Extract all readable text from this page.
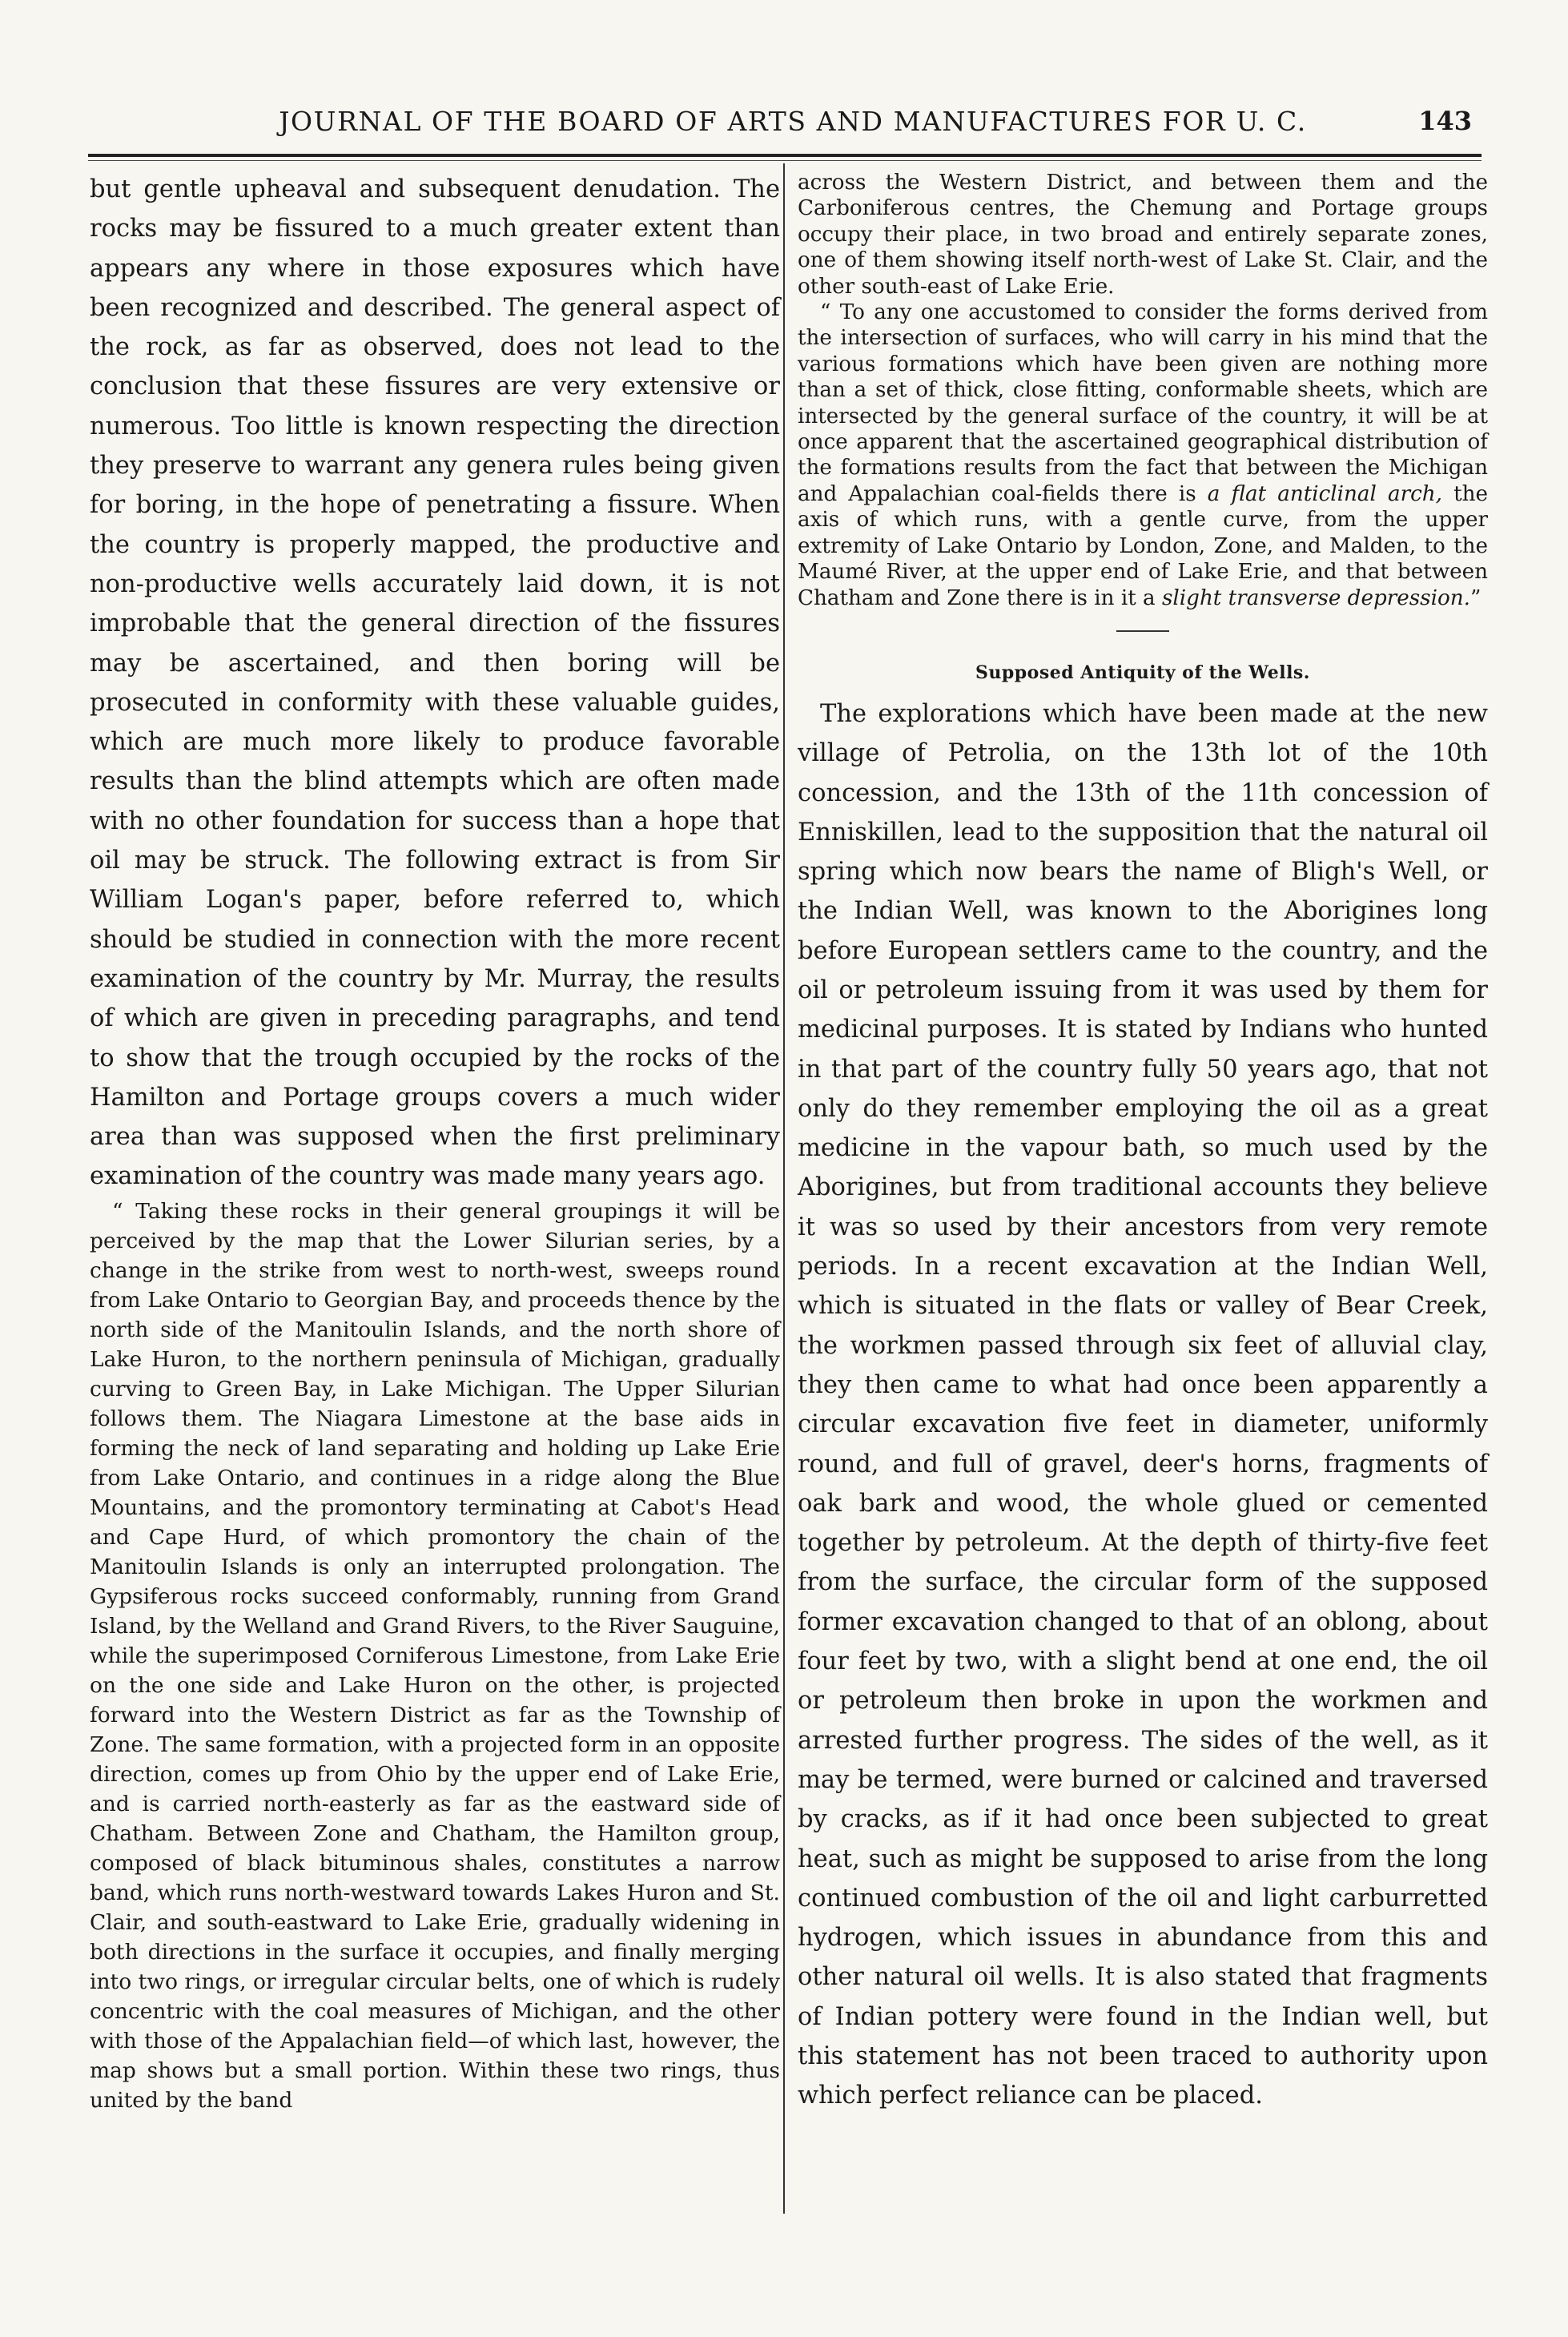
JOURNAL OF THE BOARD OF ARTS AND MANUFACTURES FOR U. C.	143

but gentle upheaval and subsequent denudation. The rocks may be fissured to a much greater extent than appears any where in those exposures which have been recognized and described. The general aspect of the rock, as far as observed, does not lead to the conclusion that these fissures are very extensive or numerous. Too little is known respecting the direction they preserve to warrant any genera rules being given for boring, in the hope of penetrating a fissure. When the country is properly mapped, the productive and non-productive wells accurately laid down, it is not improbable that the general direction of the fissures may be ascertained, and then boring will be prosecuted in conformity with these valuable guides, which are much more likely to produce favorable results than the blind attempts which are often made with no other foundation for success than a hope that oil may be struck. The following extract is from Sir William Logan's paper, before referred to, which should be studied in connection with the more recent examination of the country by Mr. Murray, the results of which are given in preceding paragraphs, and tend to show that the trough occupied by the rocks of the Hamilton and Portage groups covers a much wider area than was supposed when the first preliminary examination of the country was made many years ago.

“ Taking these rocks in their general groupings it will be perceived by the map that the Lower Silurian series, by a change in the strike from west to north-west, sweeps round from Lake Ontario to Georgian Bay, and proceeds thence by the north side of the Manitoulin Islands, and the north shore of Lake Huron, to the northern peninsula of Michigan, gradually curving to Green Bay, in Lake Michigan. The Upper Silurian follows them. The Niagara Limestone at the base aids in forming the neck of land separating and holding up Lake Erie from Lake Ontario, and continues in a ridge along the Blue Mountains, and the promontory terminating at Cabot's Head and Cape Hurd, of which promontory the chain of the Manitoulin Islands is only an interrupted prolongation. The Gypsiferous rocks succeed conformably, running from Grand Island, by the Welland and Grand Rivers, to the River Sauguine, while the superimposed Corniferous Limestone, from Lake Erie on the one side and Lake Huron on the other, is projected forward into the Western District as far as the Township of Zone. The same formation, with a projected form in an opposite direction, comes up from Ohio by the upper end of Lake Erie, and is carried north-easterly as far as the eastward side of Chatham. Between Zone and Chatham, the Hamilton group, composed of black bituminous shales, constitutes a narrow band, which runs north-westward towards Lakes Huron and St. Clair, and south-eastward to Lake Erie, gradually widening in both directions in the surface it occupies, and finally merging into two rings, or irregular circular belts, one of which is rudely concentric with the coal measures of Michigan, and the other with those of the Appalachian field—of which last, however, the map shows but a small portion. Within these two rings, thus united by the band

across the Western District, and between them and the Carboniferous centres, the Chemung and Portage groups occupy their place, in two broad and entirely separate zones, one of them showing itself north-west of Lake St. Clair, and the other south-east of Lake Erie.

“ To any one accustomed to consider the forms derived from the intersection of surfaces, who will carry in his mind that the various formations which have been given are nothing more than a set of thick, close fitting, conformable sheets, which are intersected by the general surface of the country, it will be at once apparent that the ascertained geographical distribution of the formations results from the fact that between the Michigan and Appalachian coal-fields there is a flat anticlinal arch, the axis of which runs, with a gentle curve, from the upper extremity of Lake Ontario by London, Zone, and Malden, to the Maumé River, at the upper end of Lake Erie, and that between Chatham and Zone there is in it a slight transverse depression.”

Supposed Antiquity of the Wells.

The explorations which have been made at the new village of Petrolia, on the 13th lot of the 10th concession, and the 13th of the 11th concession of Enniskillen, lead to the supposition that the natural oil spring which now bears the name of Bligh's Well, or the Indian Well, was known to the Aborigines long before European settlers came to the country, and the oil or petroleum issuing from it was used by them for medicinal purposes. It is stated by Indians who hunted in that part of the country fully 50 years ago, that not only do they remember employing the oil as a great medicine in the vapour bath, so much used by the Aborigines, but from traditional accounts they believe it was so used by their ancestors from very remote periods. In a recent excavation at the Indian Well, which is situated in the flats or valley of Bear Creek, the workmen passed through six feet of alluvial clay, they then came to what had once been apparently a circular excavation five feet in diameter, uniformly round, and full of gravel, deer's horns, fragments of oak bark and wood, the whole glued or cemented together by petroleum. At the depth of thirty-five feet from the surface, the circular form of the supposed former excavation changed to that of an oblong, about four feet by two, with a slight bend at one end, the oil or petroleum then broke in upon the workmen and arrested further progress. The sides of the well, as it may be termed, were burned or calcined and traversed by cracks, as if it had once been subjected to great heat, such as might be supposed to arise from the long continued combustion of the oil and light carburretted hydrogen, which issues in abundance from this and other natural oil wells. It is also stated that fragments of Indian pottery were found in the Indian well, but this statement has not been traced to authority upon which perfect reliance can be placed.
